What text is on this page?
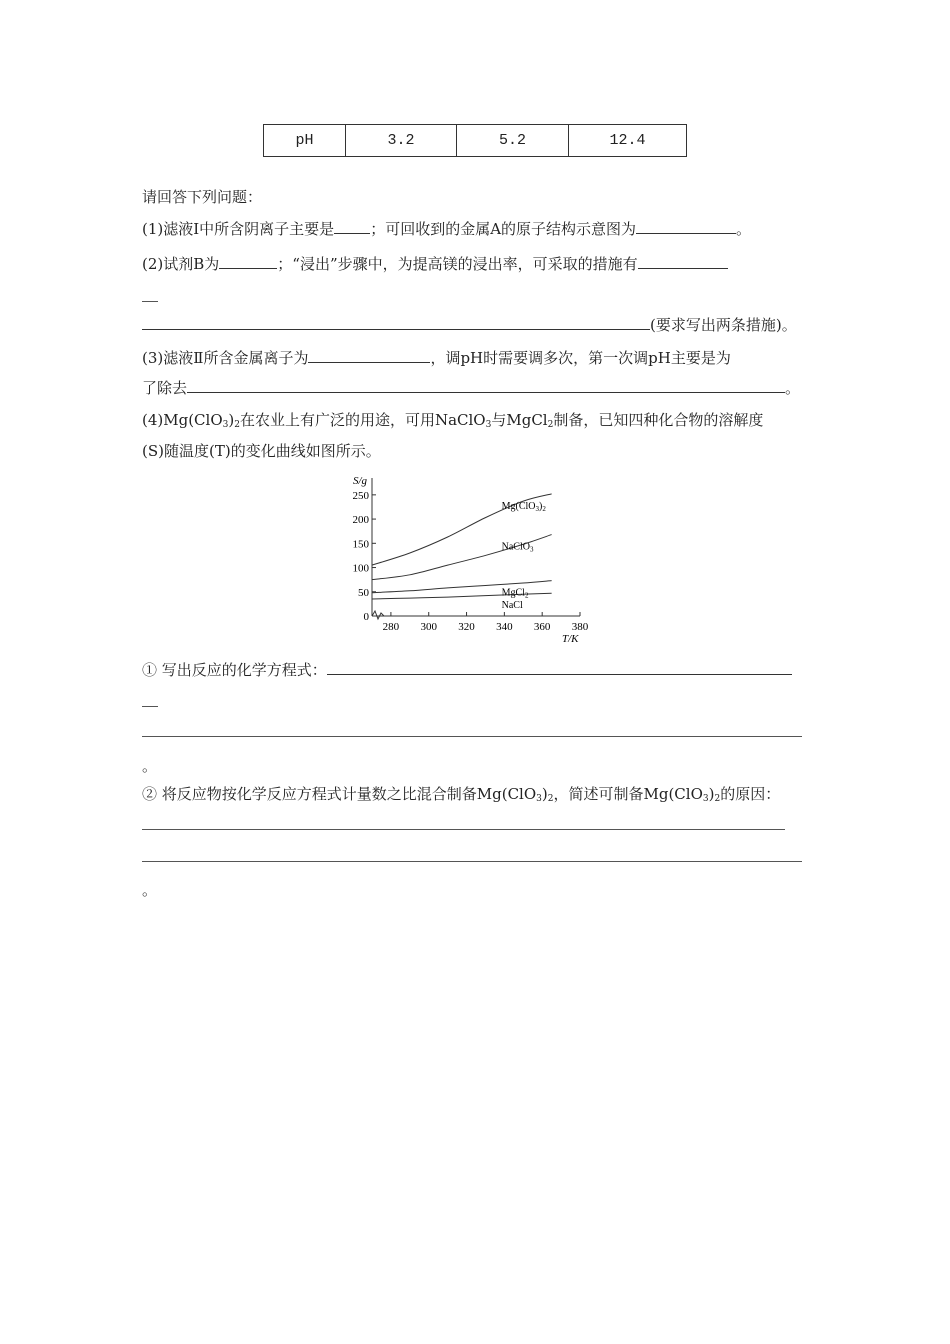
pH	3.2	5.2	12.4
请回答下列问题：
(1)滤液Ⅰ中所含阴离子主要是 ；可回收到的金属A的原子结构示意图为	。
(2)试剂B为	；“浸出”步骤中，为提高镁的浸出率，可采取的措施有
(要求写出两条措施)。
(3)滤液Ⅱ所含金属离子为	，调pH时需要调多次，第一次调pH主要是为
了除去	。
$(4)Mg(ClO_3)_2$在农业上有广泛的用途，可用NaClO$_3$与MgCl$_2$制备，已知四种化合物的溶解度
(S)随温度(T)的变化曲线如图所示。
0
50
100
150
200
250
280 300 320 340 360 380
$Mg(ClO_3)_2$
NaClO$_3$
MgCl$_2$
NaCl
S/g
T/K
① 写出反应的化学方程式：
。
② 将反应物按化学反应方程式计量数之比混合制备$Mg(ClO_3)_2$，简述可制备$Mg(ClO_3)_2$的原因：
。
